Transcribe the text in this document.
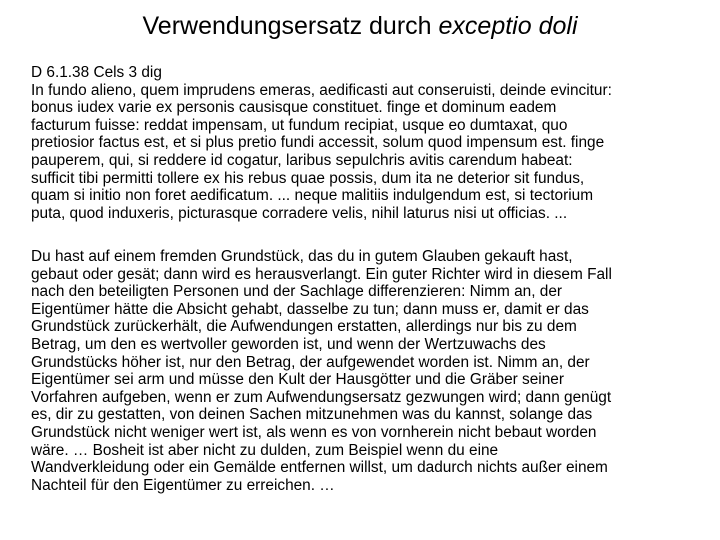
Verwendungsersatz durch exceptio doli
D 6.1.38 Cels 3 dig
In fundo alieno, quem imprudens emeras, aedificasti aut conseruisti, deinde evincitur:
bonus iudex varie ex personis causisque constituet. finge et dominum eadem
facturum fuisse: reddat impensam, ut fundum recipiat, usque eo dumtaxat, quo
pretiosior factus est, et si plus pretio fundi accessit, solum quod impensum est. finge
pauperem, qui, si reddere id cogatur, laribus sepulchris avitis carendum habeat:
sufficit tibi permitti tollere ex his rebus quae possis, dum ita ne deterior sit fundus,
quam si initio non foret aedificatum. ... neque malitiis indulgendum est, si tectorium
puta, quod induxeris, picturasque corradere velis, nihil laturus nisi ut officias. ...
Du hast auf einem fremden Grundstück, das du in gutem Glauben gekauft hast,
gebaut oder gesät; dann wird es herausverlangt. Ein guter Richter wird in diesem Fall
nach den beteiligten Personen und der Sachlage differenzieren: Nimm an, der
Eigentümer hätte die Absicht gehabt, dasselbe zu tun; dann muss er, damit er das
Grundstück zurückerhält, die Aufwendungen erstatten, allerdings nur bis zu dem
Betrag, um den es wertvoller geworden ist, und wenn der Wertzuwachs des
Grundstücks höher ist, nur den Betrag, der aufgewendet worden ist. Nimm an, der
Eigentümer sei arm und müsse den Kult der Hausgötter und die Gräber seiner
Vorfahren aufgeben, wenn er zum Aufwendungsersatz gezwungen wird; dann genügt
es, dir zu gestatten, von deinen Sachen mitzunehmen was du kannst, solange das
Grundstück nicht weniger wert ist, als wenn es von vornherein nicht bebaut worden
wäre. … Bosheit ist aber nicht zu dulden, zum Beispiel wenn du eine
Wandverkleidung oder ein Gemälde entfernen willst, um dadurch nichts außer einem
Nachteil für den Eigentümer zu erreichen. …
